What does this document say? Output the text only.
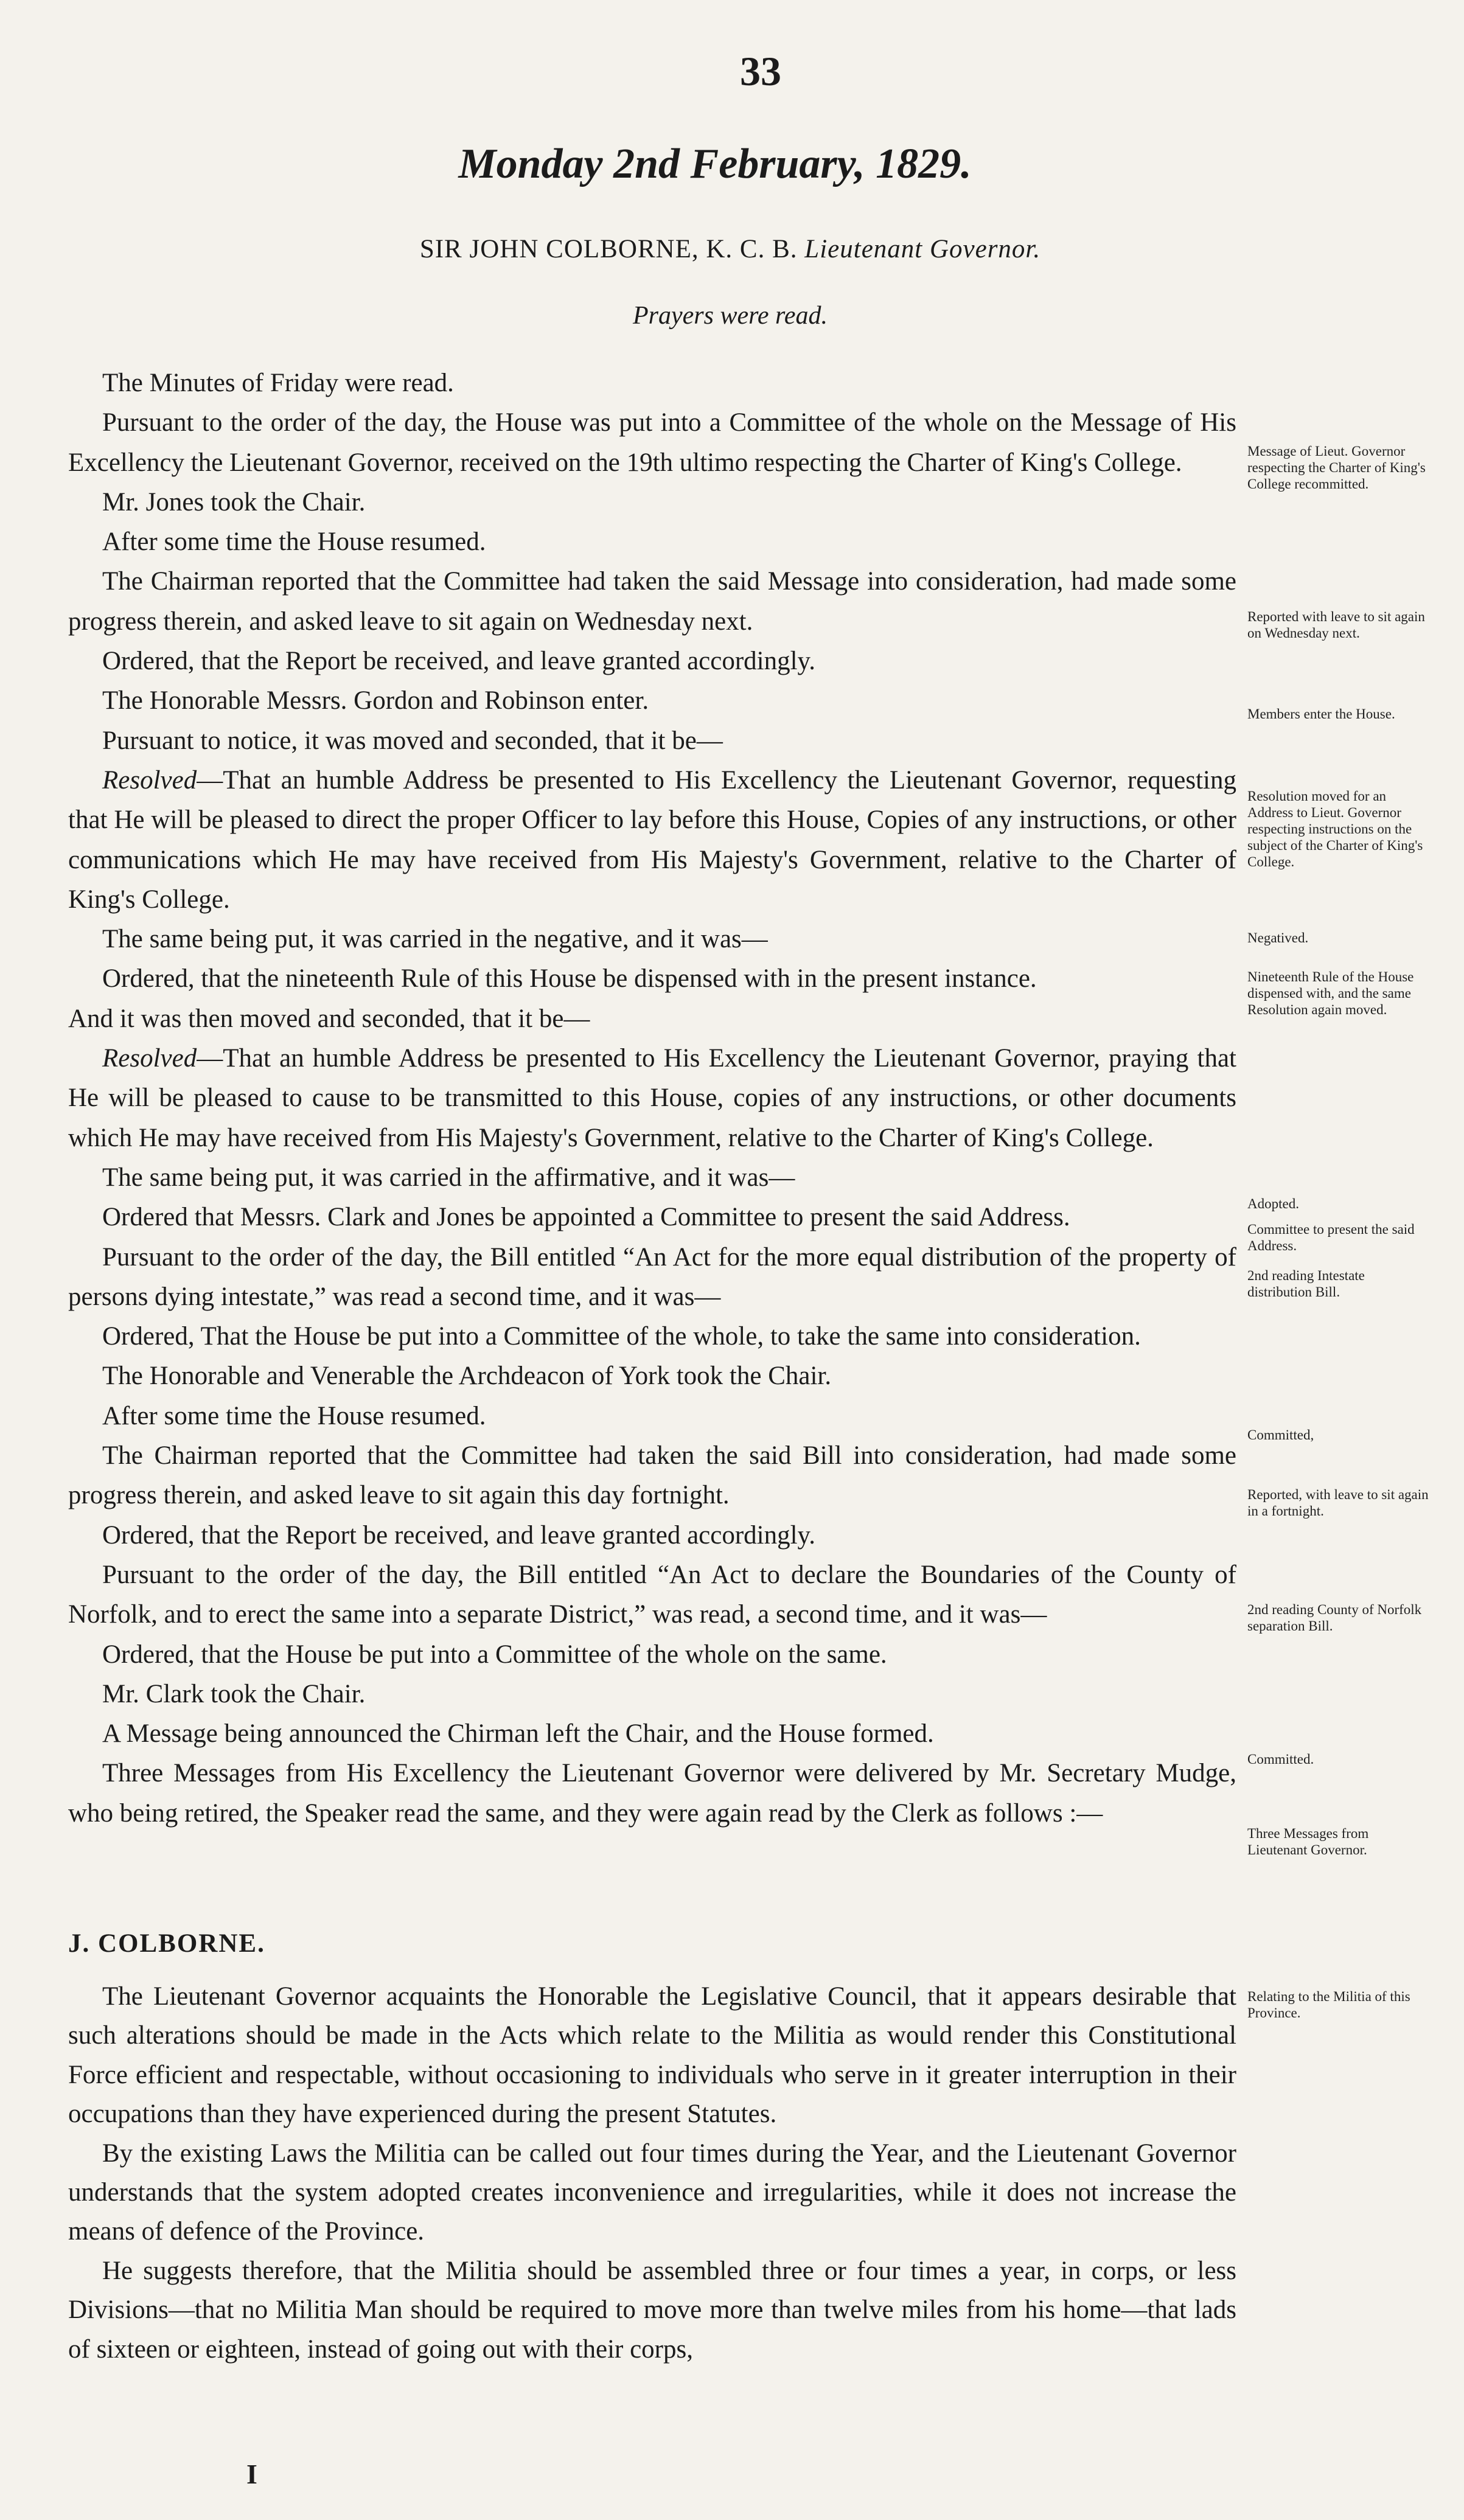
33
Monday 2nd February, 1829.
SIR JOHN COLBORNE, K. C. B. Lieutenant Governor.
Prayers were read.

The Minutes of Friday were read.

Pursuant to the order of the day, the House was put into a Committee of the whole on the Message of His Excellency the Lieutenant Governor, received on the 19th ultimo respecting the Charter of King's College.

Mr. Jones took the Chair.

After some time the House resumed.

The Chairman reported that the Committee had taken the said Message into consideration, had made some progress therein, and asked leave to sit again on Wednesday next.

Ordered, that the Report be received, and leave granted accordingly.

The Honorable Messrs. Gordon and Robinson enter.

Pursuant to notice, it was moved and seconded, that it be—

Resolved—That an humble Address be presented to His Excellency the Lieutenant Governor, requesting that He will be pleased to direct the proper Officer to lay before this House, Copies of any instructions, or other communications which He may have received from His Majesty's Government, relative to the Charter of King's College.

The same being put, it was carried in the negative, and it was—

Ordered, that the nineteenth Rule of this House be dispensed with in the present instance.

And it was then moved and seconded, that it be—

Resolved—That an humble Address be presented to His Excellency the Lieutenant Governor, praying that He will be pleased to cause to be transmitted to this House, copies of any instructions, or other documents which He may have received from His Majesty's Government, relative to the Charter of King's College.

The same being put, it was carried in the affirmative, and it was—

Ordered that Messrs. Clark and Jones be appointed a Committee to present the said Address.

Pursuant to the order of the day, the Bill entitled “An Act for the more equal distribution of the property of persons dying intestate,” was read a second time, and it was—

Ordered, That the House be put into a Committee of the whole, to take the same into consideration.

The Honorable and Venerable the Archdeacon of York took the Chair.

After some time the House resumed.

The Chairman reported that the Committee had taken the said Bill into consideration, had made some progress therein, and asked leave to sit again this day fortnight.

Ordered, that the Report be received, and leave granted accordingly.

Pursuant to the order of the day, the Bill entitled “An Act to declare the Boundaries of the County of Norfolk, and to erect the same into a separate District,” was read, a second time, and it was—

Ordered, that the House be put into a Committee of the whole on the same.

Mr. Clark took the Chair.

A Message being announced the Chirman left the Chair, and the House formed.

Three Messages from His Excellency the Lieutenant Governor were delivered by Mr. Secretary Mudge, who being retired, the Speaker read the same, and they were again read by the Clerk as follows :—

J. COLBORNE.

The Lieutenant Governor acquaints the Honorable the Legislative Council, that it appears desirable that such alterations should be made in the Acts which relate to the Militia as would render this Constitutional Force efficient and respectable, without occasioning to individuals who serve in it greater interruption in their occupations than they have experienced during the present Statutes.

By the existing Laws the Militia can be called out four times during the Year, and the Lieutenant Governor understands that the system adopted creates inconvenience and irregularities, while it does not increase the means of defence of the Province.

He suggests therefore, that the Militia should be assembled three or four times a year, in corps, or less Divisions—that no Militia Man should be required to move more than twelve miles from his home—that lads of sixteen or eighteen, instead of going out with their corps,

I
Message of Lieut. Governor respecting the Charter of King's College recommitted.
Reported with leave to sit again on Wednesday next.
Members enter the House.
Resolution moved for an Address to Lieut. Governor respecting instructions on the subject of the Charter of King's College.
Negatived.
Nineteenth Rule of the House dispensed with, and the same Resolution again moved.
Adopted.
Committee to present the said Address.
2nd reading Intestate distribution Bill.
Committed,
Reported, with leave to sit again in a fortnight.
2nd reading County of Norfolk separation Bill.
Committed.
Three Messages from Lieutenant Governor.
Relating to the Militia of this Province.
